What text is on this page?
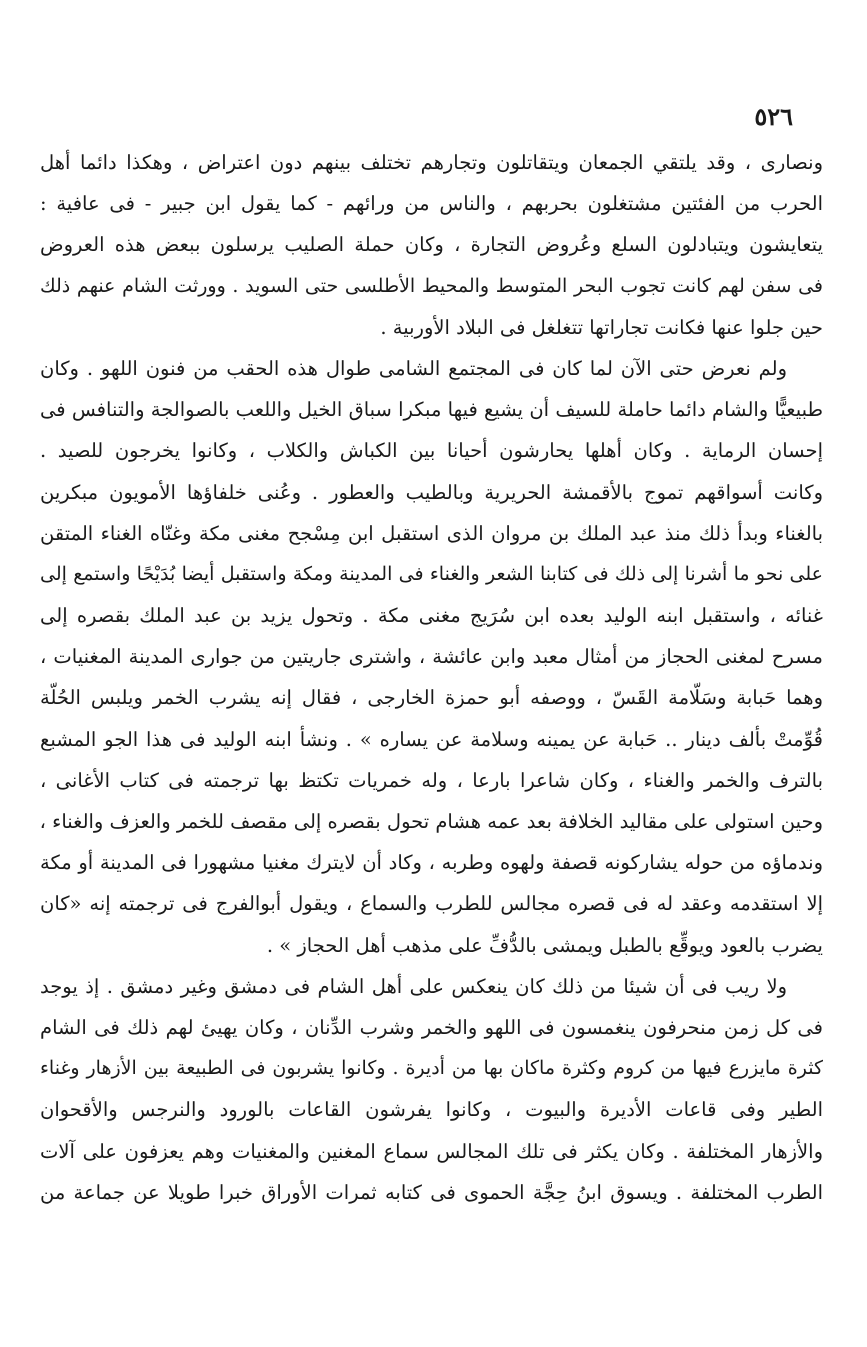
٥٢٦
ونصارى ، وقد يلتقي الجمعان ويتقاتلون وتجارهم تختلف بينهم دون اعتراض ، وهكذا دائما أهل
الحرب من الفئتين مشتغلون بحربهم ، والناس من ورائهم - كما يقول ابن جبير - فى عافية :
يتعايشون ويتبادلون السلع وعُروض التجارة ، وكان حملة الصليب يرسلون ببعض هذه العروض
فى سفن لهم كانت تجوب البحر المتوسط والمحيط الأطلسى حتى السويد . وورثت الشام عنهم ذلك
حين جلوا عنها فكانت تجاراتها تتغلغل فى البلاد الأوربية .
ولم نعرض حتى الآن لما كان فى المجتمع الشامى طوال هذه الحقب من فنون اللهو . وكان
طبيعيًّا والشام دائما حاملة للسيف أن يشيع فيها مبكرا سباق الخيل واللعب بالصوالجة والتنافس فى
إحسان الرماية . وكان أهلها يحارشون أحيانا بين الكباش والكلاب ، وكانوا يخرجون للصيد .
وكانت أسواقهم تموج بالأقمشة الحريرية وبالطيب والعطور . وعُنى خلفاؤها الأمويون مبكرين
بالغناء وبدأ ذلك منذ عبد الملك بن مروان الذى استقبل ابن مِسْجح مغنى مكة وغنّاه الغناء المتقن
على نحو ما أشرنا إلى ذلك فى كتابنا الشعر والغناء فى المدينة ومكة واستقبل أيضا بُدَيْحًا واستمع إلى
غنائه ، واستقبل ابنه الوليد بعده ابن سُرَيج مغنى مكة . وتحول يزيد بن عبد الملك بقصره إلى
مسرح لمغنى الحجاز من أمثال معبد وابن عائشة ، واشترى جاريتين من جوارى المدينة المغنيات ،
وهما حَبابة وسَلّامة القَسّ ، ووصفه أبو حمزة الخارجى ، فقال إنه يشرب الخمر ويلبس الحُلّة
قُوِّمتْ بألف دينار .. حَبابة عن يمينه وسلامة عن يساره » . ونشأ ابنه الوليد فى هذا الجو المشبع
بالترف والخمر والغناء ، وكان شاعرا بارعا ، وله خمريات تكتظ بها ترجمته فى كتاب الأغانى ،
وحين استولى على مقاليد الخلافة بعد عمه هشام تحول بقصره إلى مقصف للخمر والعزف والغناء ،
وندماؤه من حوله يشاركونه قصفة ولهوه وطربه ، وكاد أن لايترك مغنيا مشهورا فى المدينة أو مكة
إلا استقدمه وعقد له فى قصره مجالس للطرب والسماع ، ويقول أبوالفرج فى ترجمته إنه «كان
يضرب بالعود ويوقِّع بالطبل ويمشى بالدُّفِّ على مذهب أهل الحجاز » .
ولا ريب فى أن شيئا من ذلك كان ينعكس على أهل الشام فى دمشق وغير دمشق . إذ يوجد
فى كل زمن منحرفون ينغمسون فى اللهو والخمر وشرب الدِّنان ، وكان يهيئ لهم ذلك فى الشام
كثرة مايزرع فيها من كروم وكثرة ماكان بها من أديرة . وكانوا يشربون فى الطبيعة بين الأزهار وغناء
الطير وفى قاعات الأديرة والبيوت ، وكانوا يفرشون القاعات بالورود والنرجس والأقحوان
والأزهار المختلفة . وكان يكثر فى تلك المجالس سماع المغنين والمغنيات وهم يعزفون على آلات
الطرب المختلفة . ويسوق ابنُ حِجَّة الحموى فى كتابه ثمرات الأوراق خبرا طويلا عن جماعة من
